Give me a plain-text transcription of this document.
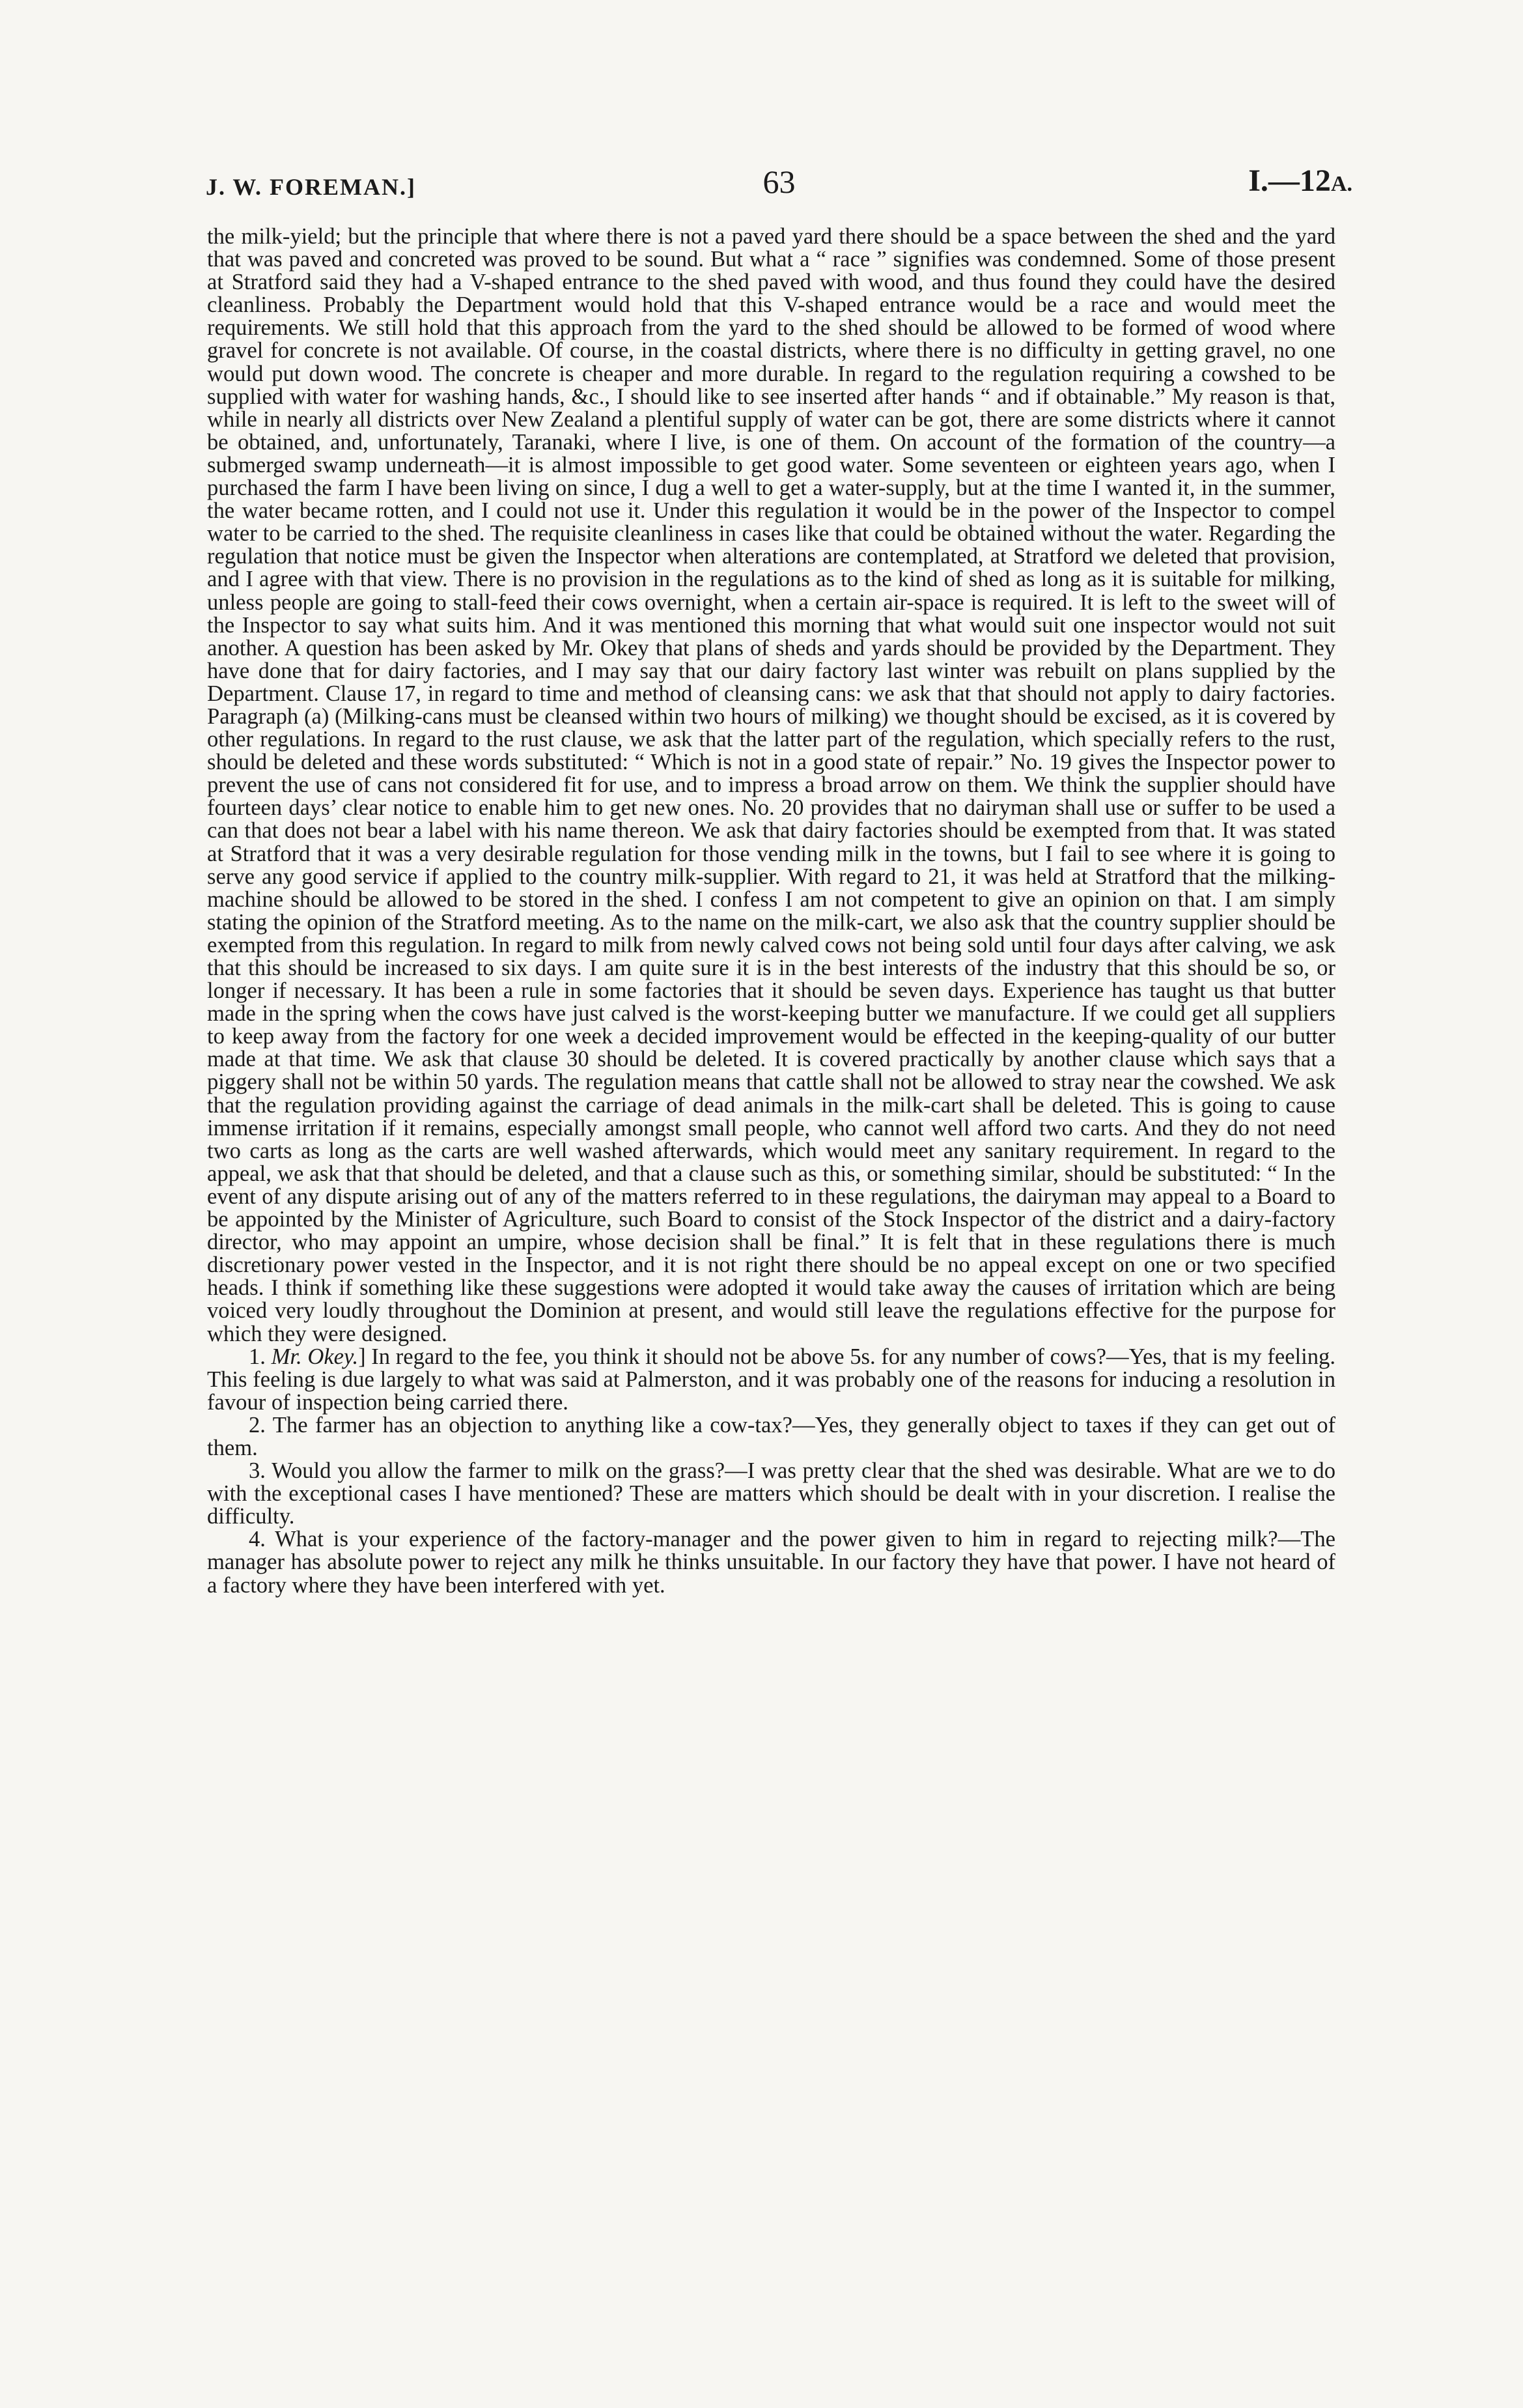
J. W. FOREMAN.]	63	I.—12A.

the milk-yield; but the principle that where there is not a paved yard there should be a space between the shed and the yard that was paved and concreted was proved to be sound. But what a “ race ” signifies was condemned. Some of those present at Stratford said they had a V-shaped entrance to the shed paved with wood, and thus found they could have the desired cleanliness. Probably the Department would hold that this V-shaped entrance would be a race and would meet the requirements. We still hold that this approach from the yard to the shed should be allowed to be formed of wood where gravel for concrete is not available. Of course, in the coastal districts, where there is no difficulty in getting gravel, no one would put down wood. The concrete is cheaper and more durable. In regard to the regulation requiring a cowshed to be supplied with water for washing hands, &c., I should like to see inserted after hands “ and if obtainable.” My reason is that, while in nearly all districts over New Zealand a plentiful supply of water can be got, there are some districts where it cannot be obtained, and, unfortunately, Taranaki, where I live, is one of them. On account of the formation of the country—a submerged swamp underneath—it is almost impossible to get good water. Some seventeen or eighteen years ago, when I purchased the farm I have been living on since, I dug a well to get a water-supply, but at the time I wanted it, in the summer, the water became rotten, and I could not use it. Under this regulation it would be in the power of the Inspector to compel water to be carried to the shed. The requisite cleanliness in cases like that could be obtained without the water. Regarding the regulation that notice must be given the Inspector when alterations are contemplated, at Stratford we deleted that provision, and I agree with that view. There is no provision in the regulations as to the kind of shed as long as it is suitable for milking, unless people are going to stall-feed their cows overnight, when a certain air-space is required. It is left to the sweet will of the Inspector to say what suits him. And it was mentioned this morning that what would suit one inspector would not suit another. A question has been asked by Mr. Okey that plans of sheds and yards should be provided by the Department. They have done that for dairy factories, and I may say that our dairy factory last winter was rebuilt on plans supplied by the Department. Clause 17, in regard to time and method of cleansing cans: we ask that that should not apply to dairy factories. Paragraph (a) (Milking-cans must be cleansed within two hours of milking) we thought should be excised, as it is covered by other regulations. In regard to the rust clause, we ask that the latter part of the regulation, which specially refers to the rust, should be deleted and these words substituted: “ Which is not in a good state of repair.” No. 19 gives the Inspector power to prevent the use of cans not considered fit for use, and to impress a broad arrow on them. We think the supplier should have fourteen days’ clear notice to enable him to get new ones. No. 20 provides that no dairyman shall use or suffer to be used a can that does not bear a label with his name thereon. We ask that dairy factories should be exempted from that. It was stated at Stratford that it was a very desirable regulation for those vending milk in the towns, but I fail to see where it is going to serve any good service if applied to the country milk-supplier. With regard to 21, it was held at Stratford that the milking-machine should be allowed to be stored in the shed. I confess I am not competent to give an opinion on that. I am simply stating the opinion of the Stratford meeting. As to the name on the milk-cart, we also ask that the country supplier should be exempted from this regulation. In regard to milk from newly calved cows not being sold until four days after calving, we ask that this should be increased to six days. I am quite sure it is in the best interests of the industry that this should be so, or longer if necessary. It has been a rule in some factories that it should be seven days. Experience has taught us that butter made in the spring when the cows have just calved is the worst-keeping butter we manufacture. If we could get all suppliers to keep away from the factory for one week a decided improvement would be effected in the keeping-quality of our butter made at that time. We ask that clause 30 should be deleted. It is covered practically by another clause which says that a piggery shall not be within 50 yards. The regulation means that cattle shall not be allowed to stray near the cowshed. We ask that the regulation providing against the carriage of dead animals in the milk-cart shall be deleted. This is going to cause immense irritation if it remains, especially amongst small people, who cannot well afford two carts. And they do not need two carts as long as the carts are well washed afterwards, which would meet any sanitary requirement. In regard to the appeal, we ask that that should be deleted, and that a clause such as this, or something similar, should be substituted: “ In the event of any dispute arising out of any of the matters referred to in these regulations, the dairyman may appeal to a Board to be appointed by the Minister of Agriculture, such Board to consist of the Stock Inspector of the district and a dairy-factory director, who may appoint an umpire, whose decision shall be final.” It is felt that in these regulations there is much discretionary power vested in the Inspector, and it is not right there should be no appeal except on one or two specified heads. I think if something like these suggestions were adopted it would take away the causes of irritation which are being voiced very loudly throughout the Dominion at present, and would still leave the regulations effective for the purpose for which they were designed.

1. Mr. Okey.] In regard to the fee, you think it should not be above 5s. for any number of cows?—Yes, that is my feeling. This feeling is due largely to what was said at Palmerston, and it was probably one of the reasons for inducing a resolution in favour of inspection being carried there.

2. The farmer has an objection to anything like a cow-tax?—Yes, they generally object to taxes if they can get out of them.

3. Would you allow the farmer to milk on the grass?—I was pretty clear that the shed was desirable. What are we to do with the exceptional cases I have mentioned? These are matters which should be dealt with in your discretion. I realise the difficulty.

4. What is your experience of the factory-manager and the power given to him in regard to rejecting milk?—The manager has absolute power to reject any milk he thinks unsuitable. In our factory they have that power. I have not heard of a factory where they have been interfered with yet.
